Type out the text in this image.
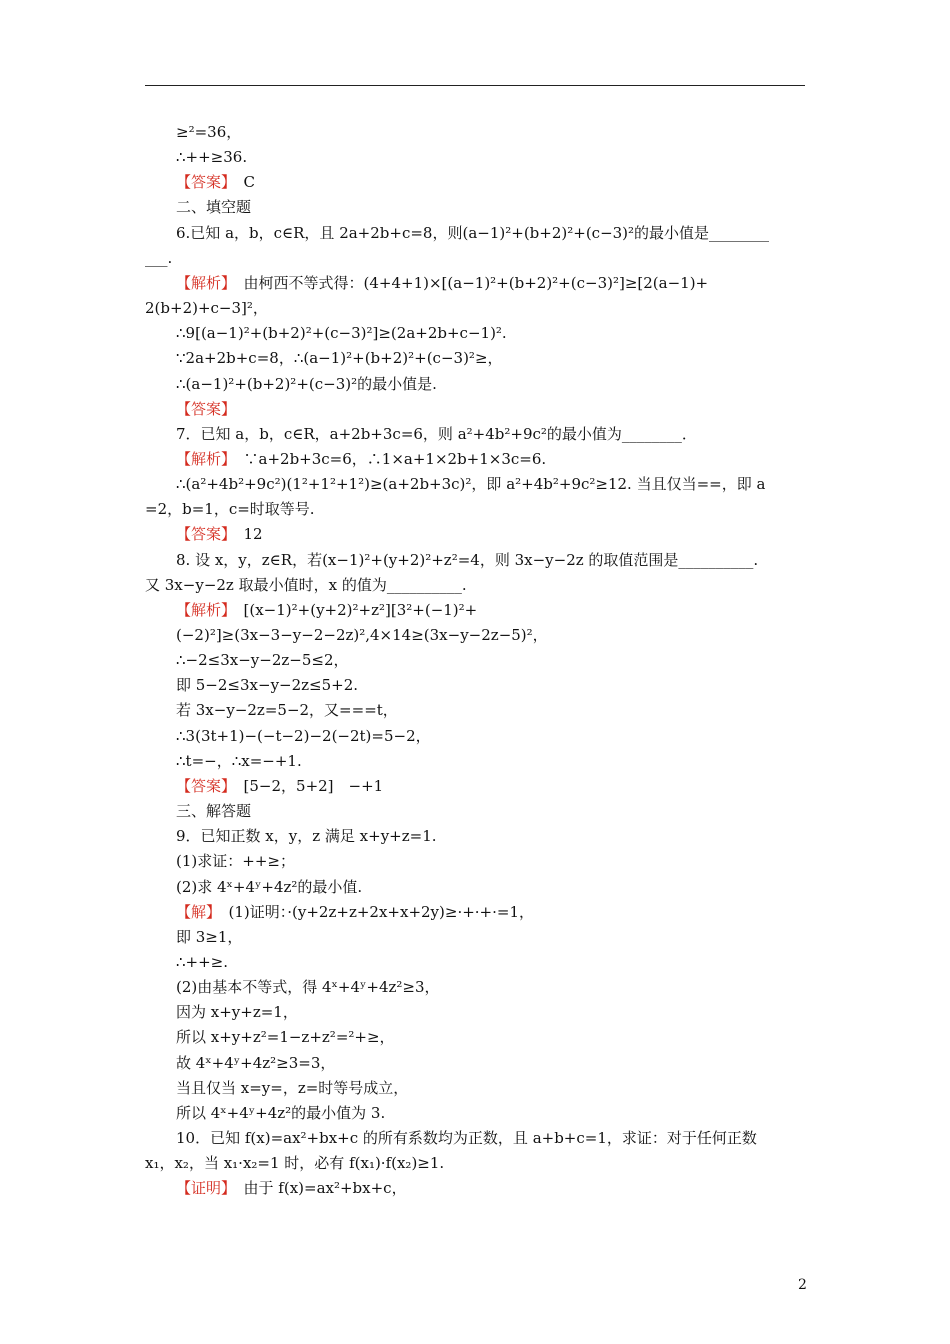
≥²=36，
∴++≥36.
【答案】　C
二、填空题
6.已知 a，b，c∈R，且 2a+2b+c=8，则(a−1)²+(b+2)²+(c−3)²的最小值是________
___.
【解析】　由柯西不等式得：(4+4+1)×[(a−1)²+(b+2)²+(c−3)²]≥[2(a−1)+
2(b+2)+c−3]²，
∴9[(a−1)²+(b+2)²+(c−3)²]≥(2a+2b+c−1)².
∵2a+2b+c=8，∴(a−1)²+(b+2)²+(c−3)²≥，
∴(a−1)²+(b+2)²+(c−3)²的最小值是.
【答案】
7．已知 a，b，c∈R，a+2b+3c=6，则 a²+4b²+9c²的最小值为________．
【解析】　∵a+2b+3c=6，∴1×a+1×2b+1×3c=6.
∴(a²+4b²+9c²)(1²+1²+1²)≥(a+2b+3c)²，即 a²+4b²+9c²≥12. 当且仅当==，即 a
=2，b=1，c=时取等号.
【答案】　12
8. 设 x，y，z∈R，若(x−1)²+(y+2)²+z²=4，则 3x−y−2z 的取值范围是__________.
又 3x−y−2z 取最小值时，x 的值为__________.
【解析】　[(x−1)²+(y+2)²+z²][3²+(−1)²+
(−2)²]≥(3x−3−y−2−2z)²,4×14≥(3x−y−2z−5)²，
∴−2≤3x−y−2z−5≤2，
即 5−2≤3x−y−2z≤5+2.
若 3x−y−2z=5−2，又===t，
∴3(3t+1)−(−t−2)−2(−2t)=5−2，
∴t=−，∴x=−+1.
【答案】　[5−2，5+2]　−+1
三、解答题
9．已知正数 x，y，z 满足 x+y+z=1.
(1)求证：++≥；
(2)求 4ˣ+4ʸ+4z²的最小值.
【解】　(1)证明：·(y+2z+z+2x+x+2y)≥·+·+·=1，
即 3≥1，
∴++≥.
(2)由基本不等式，得 4ˣ+4ʸ+4z²≥3，
因为 x+y+z=1，
所以 x+y+z²=1−z+z²=²+≥，
故 4ˣ+4ʸ+4z²≥3=3，
当且仅当 x=y=，z=时等号成立，
所以 4ˣ+4ʸ+4z²的最小值为 3.
10．已知 f(x)=ax²+bx+c 的所有系数均为正数，且 a+b+c=1，求证：对于任何正数
x₁，x₂，当 x₁·x₂=1 时，必有 f(x₁)·f(x₂)≥1.
【证明】　由于 f(x)=ax²+bx+c，
2
